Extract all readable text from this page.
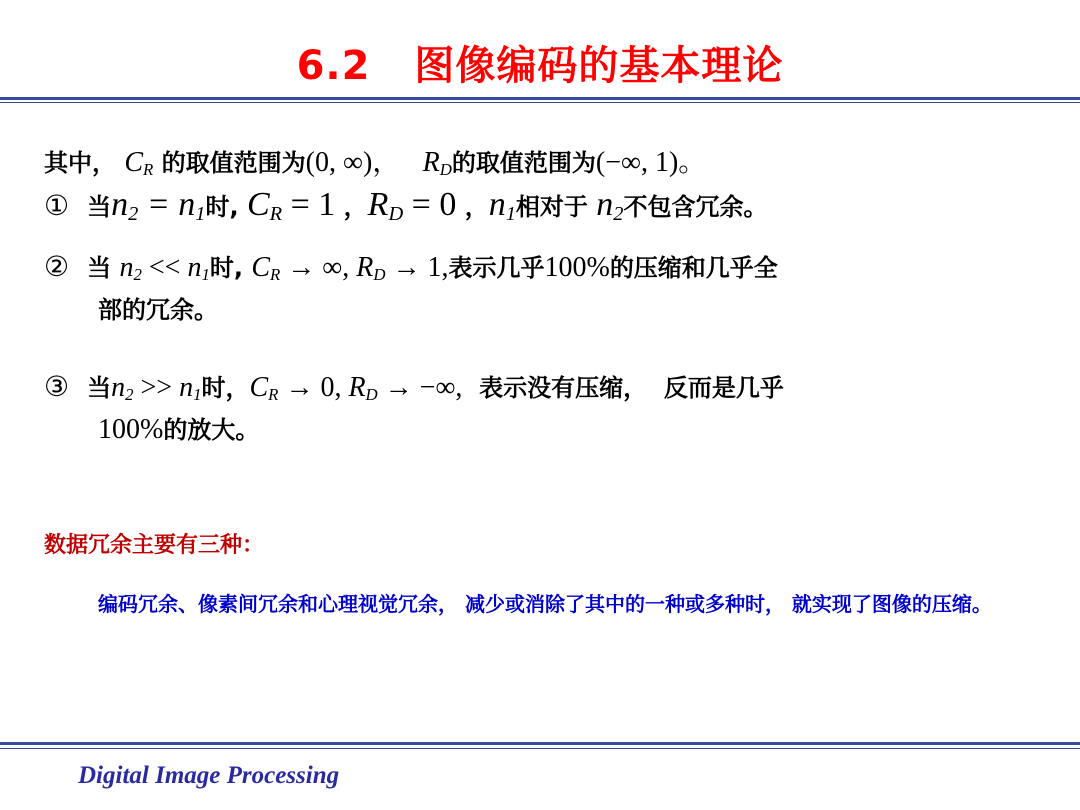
6.2 图像编码的基本理论
其中， $C_R$ 的取值范围为(0, ∞)， $R_D$的取值范围为(−∞, 1)。
① 当$n_2 = n_1$时, $C_R = 1$ ，$R_D = 0$ ，$n_1$相对于 $n_2$不包含冗余。
② 当 $n_2 << n_1$时, $C_R$ → ∞, $R_D \to 1$,表示几乎100%的压缩和几乎全
部的冗余。
③ 当$n_2 >> n_1$时，$C_R \to 0$, $R_D$ → −∞,  表示没有压缩，  反而是几乎
100%的放大。
数据冗余主要有三种：
编码冗余、像素间冗余和心理视觉冗余， 减少或消除了其中的一种或多种时， 就实现了图像的压缩。
Digital Image Processing
